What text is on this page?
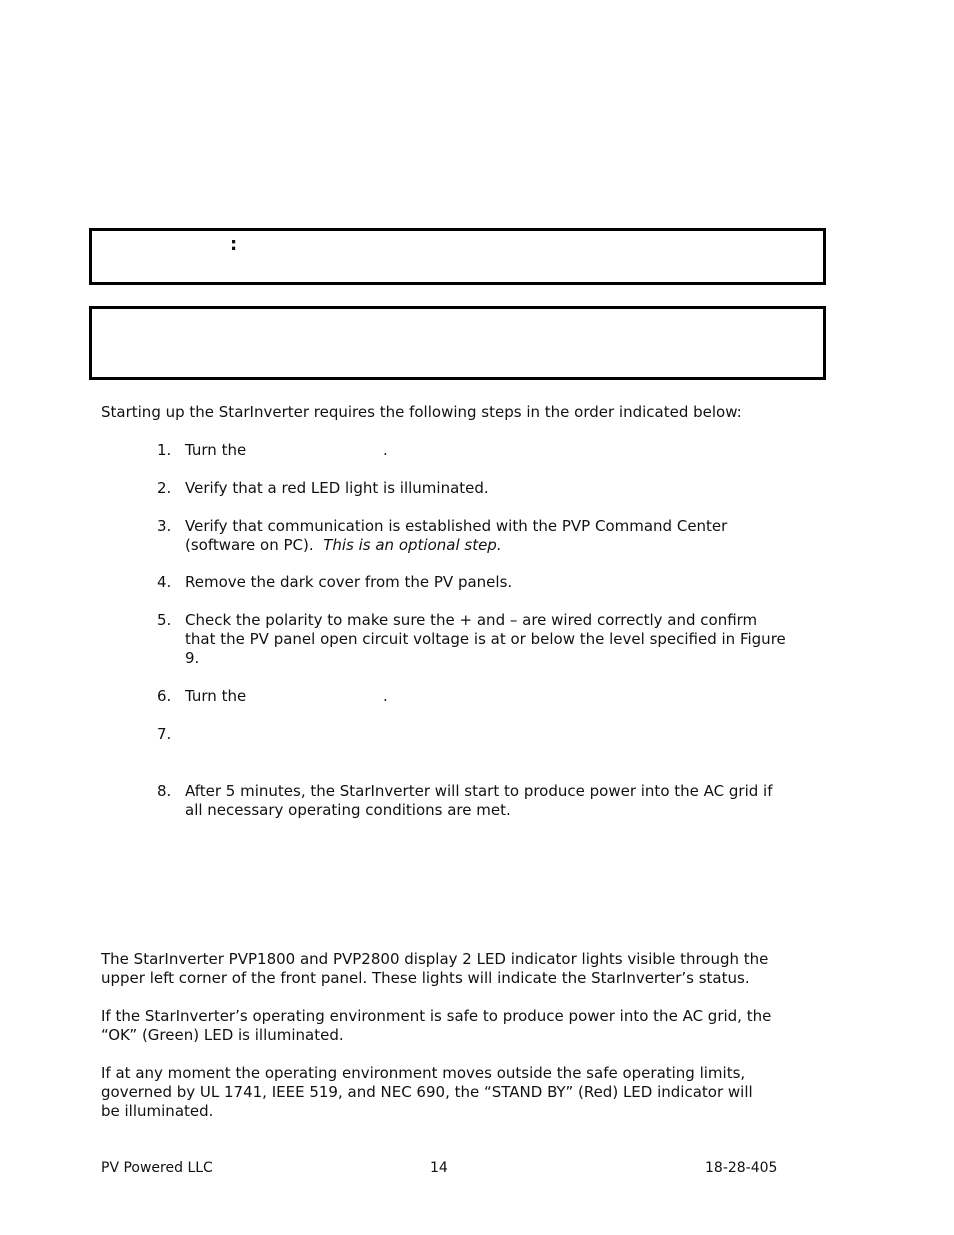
:

Starting up the StarInverter requires the following steps in the order indicated below:

1. Turn the	.
2. Verify that a red LED light is illuminated.
3. Verify that communication is established with the PVP Command Center
(software on PC). This is an optional step.
4. Remove the dark cover from the PV panels.
5. Check the polarity to make sure the + and – are wired correctly and confirm
that the PV panel open circuit voltage is at or below the level specified in Figure
9.
6. Turn the	.
7.
8. After 5 minutes, the StarInverter will start to produce power into the AC grid if
all necessary operating conditions are met.

The StarInverter PVP1800 and PVP2800 display 2 LED indicator lights visible through the
upper left corner of the front panel. These lights will indicate the StarInverter’s status.

If the StarInverter’s operating environment is safe to produce power into the AC grid, the
“OK” (Green) LED is illuminated.

If at any moment the operating environment moves outside the safe operating limits,
governed by UL 1741, IEEE 519, and NEC 690, the “STAND BY” (Red) LED indicator will
be illuminated.

PV Powered LLC	14	18-28-405
